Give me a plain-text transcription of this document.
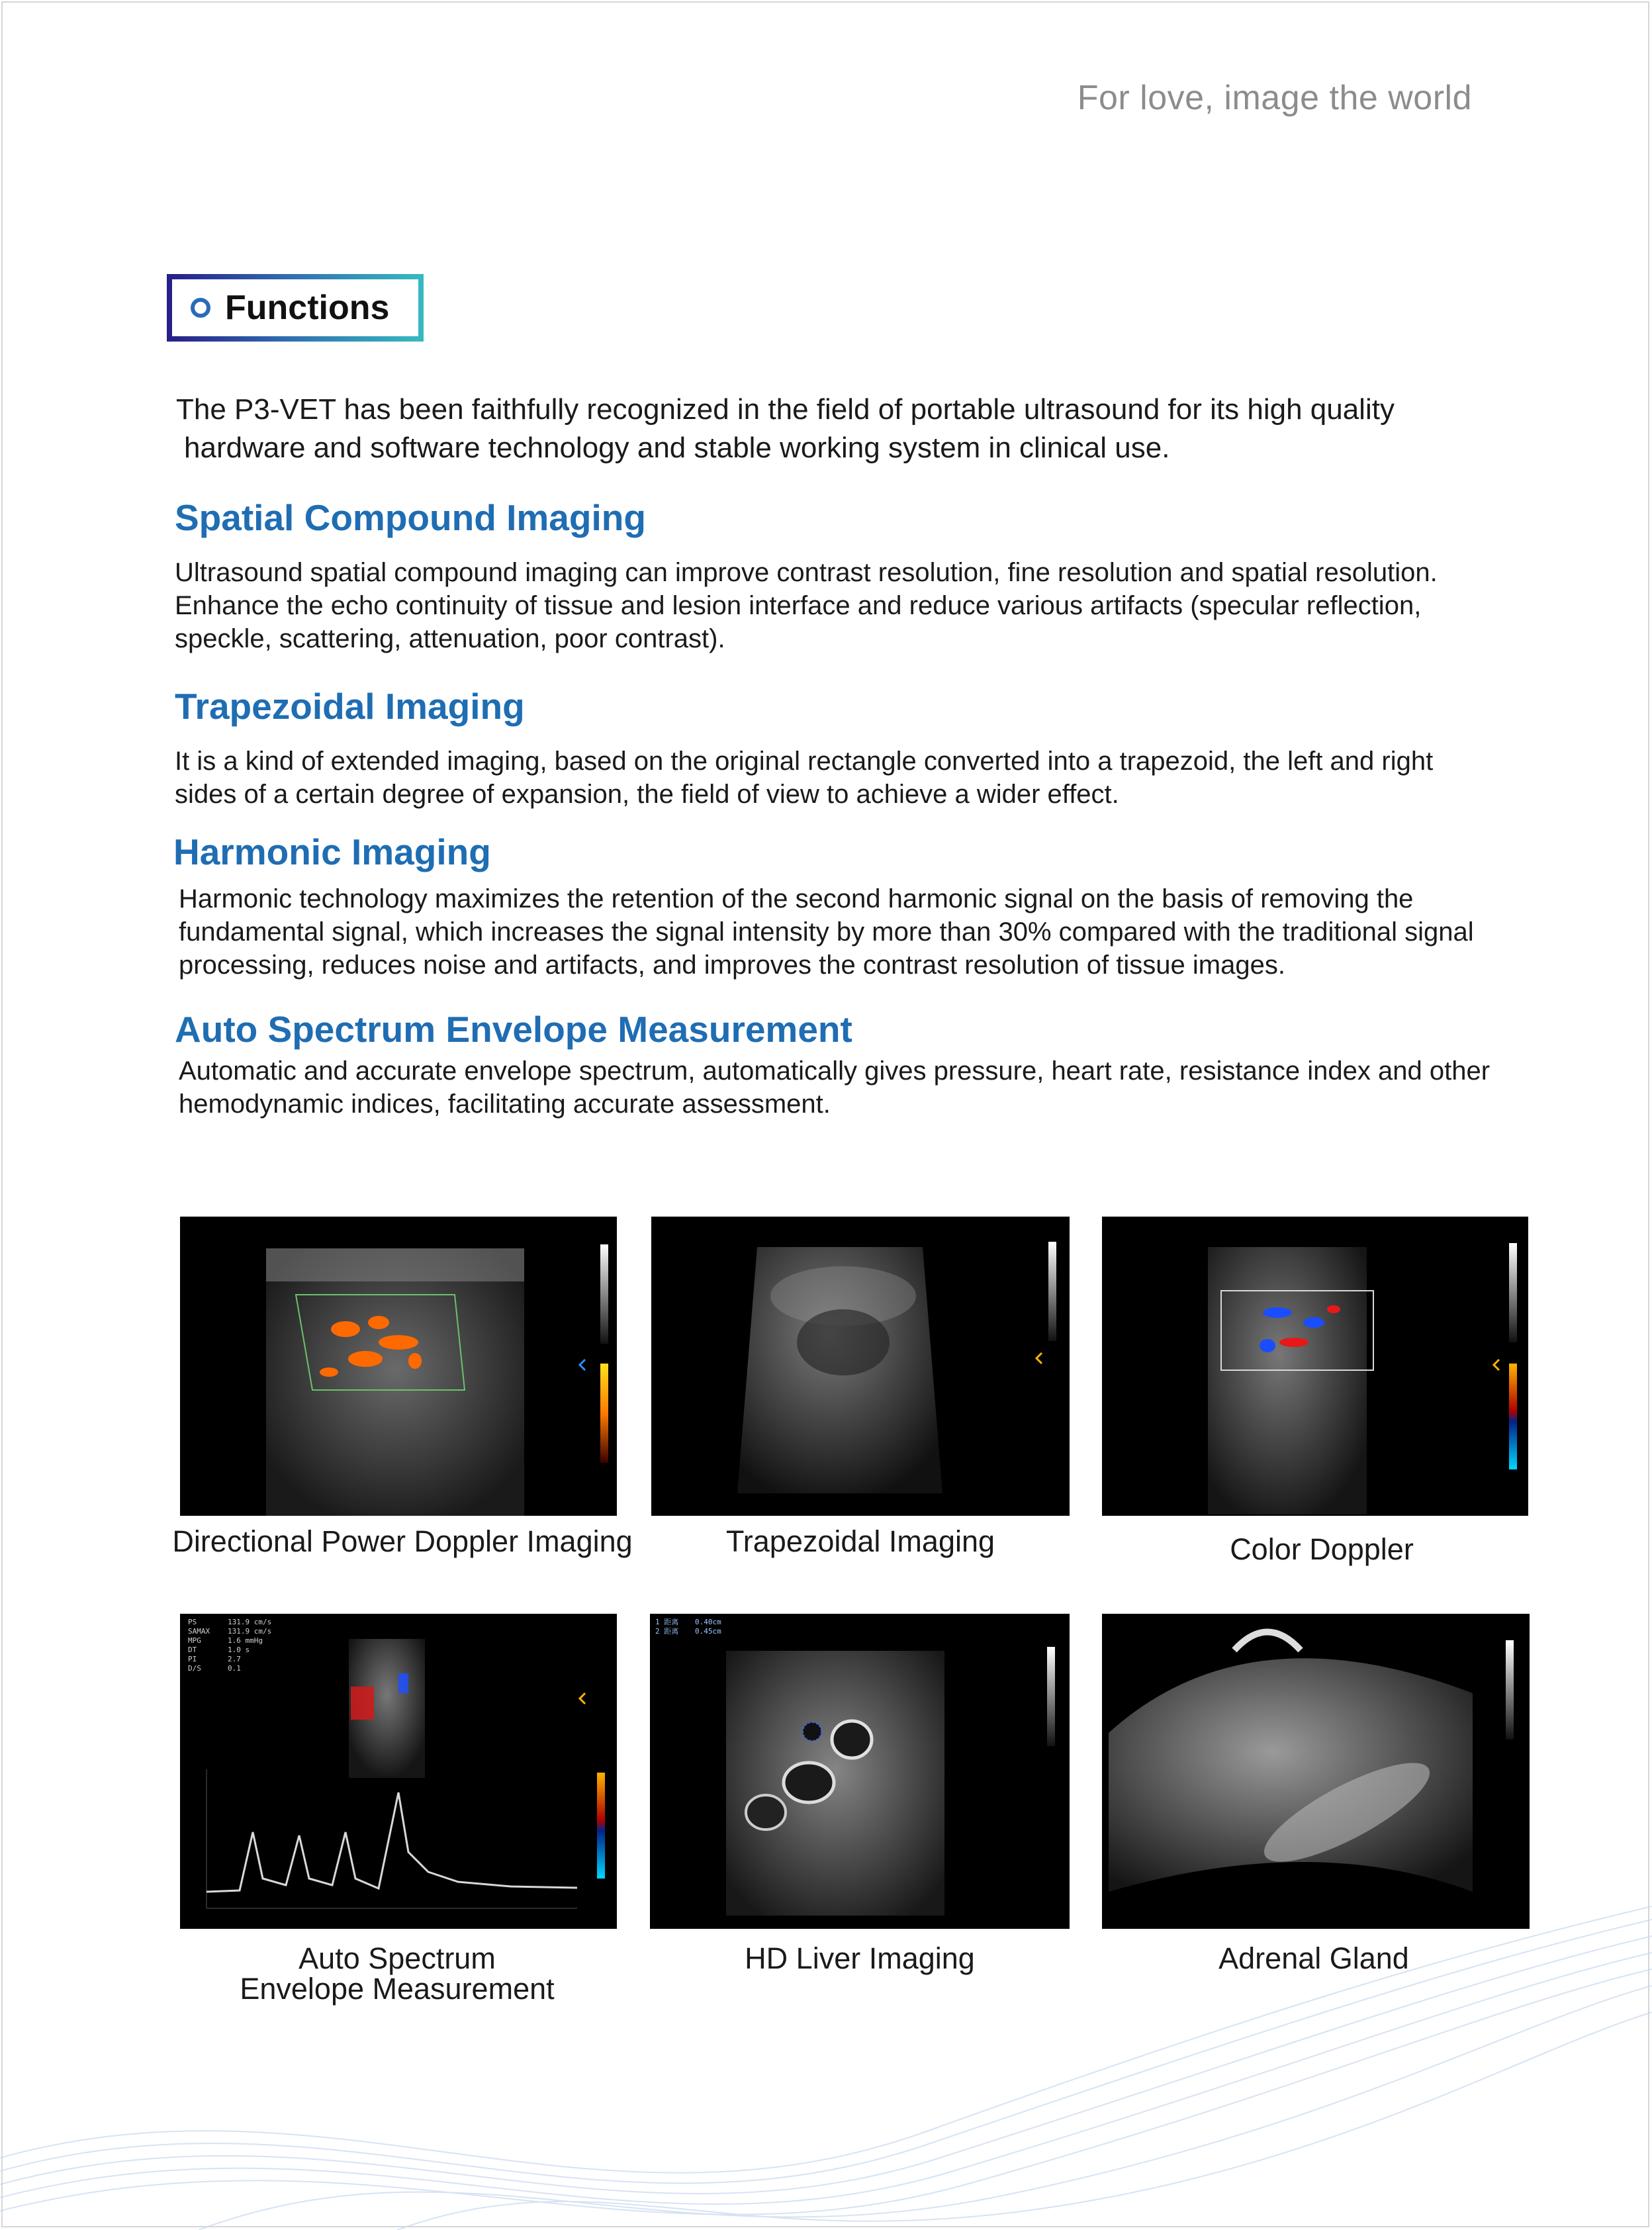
For love, image the world
Functions
The P3-VET has been faithfully recognized in the field of portable ultrasound for its high quality
hardware and software technology and stable working system in clinical use.
Spatial Compound Imaging
Ultrasound spatial compound imaging can improve contrast resolution, fine resolution and spatial resolution.
Enhance the echo continuity of tissue and lesion interface and reduce various artifacts (specular reflection,
speckle, scattering, attenuation, poor contrast).
Trapezoidal Imaging
It is a kind of extended imaging, based on the original rectangle converted into a trapezoid, the left and right
sides of a certain degree of expansion, the field of view to achieve a wider effect.
Harmonic Imaging
Harmonic technology maximizes the retention of the second harmonic signal on the basis of removing the
fundamental signal, which increases the signal intensity by more than 30% compared with the traditional signal
processing, reduces noise and artifacts, and improves the contrast resolution of tissue images.
Auto Spectrum Envelope Measurement
Automatic and accurate envelope spectrum, automatically gives pressure, heart rate, resistance index and other
hemodynamic indices, facilitating accurate assessment.
Directional Power Doppler Imaging	Trapezoidal Imaging	Color Doppler
PS	131.9 cm/s
SAMAX 131.9 cm/s
MPG	1.6 mmHg
DT	1.0 s
PI	2.7
D/S	0.1
1 距离 0.40cm
2 距离 0.45cm
Auto Spectrum
Envelope Measurement
HD Liver Imaging	Adrenal Gland
